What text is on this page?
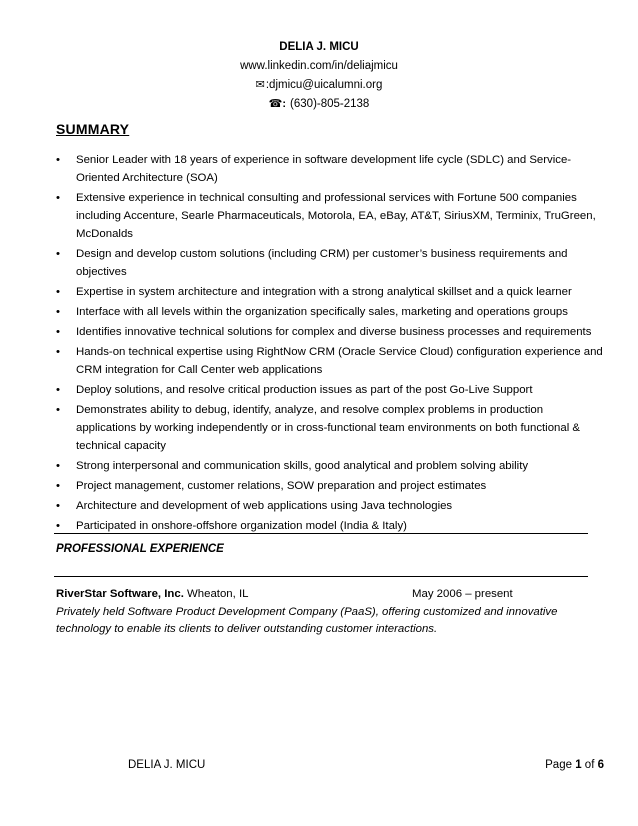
DELIA J. MICU
www.linkedin.com/in/deliajmicu
✉:djmicu@uicalumni.org
☎: (630)-805-2138
SUMMARY
• Senior Leader with 18 years of experience in software development life cycle (SDLC) and Service-Oriented Architecture (SOA)
• Extensive experience in technical consulting and professional services with Fortune 500 companies including Accenture, Searle Pharmaceuticals, Motorola, EA, eBay, AT&T, SiriusXM, Terminix, TruGreen, McDonalds
• Design and develop custom solutions (including CRM) per customer’s business requirements and objectives
• Expertise in system architecture and integration with a strong analytical skillset and a quick learner
• Interface with all levels within the organization specifically sales, marketing and operations groups
• Identifies innovative technical solutions for complex and diverse business processes and requirements
• Hands-on technical expertise using RightNow CRM (Oracle Service Cloud) configuration experience and CRM integration for Call Center web applications
• Deploy solutions, and resolve critical production issues as part of the post Go-Live Support
• Demonstrates ability to debug, identify, analyze, and resolve complex problems in production applications by working independently or in cross-functional team environments on both functional & technical capacity
• Strong interpersonal and communication skills, good analytical and problem solving ability
• Project management, customer relations, SOW preparation and project estimates
• Architecture and development of web applications using Java technologies
• Participated in onshore-offshore organization model (India & Italy)
PROFESSIONAL EXPERIENCE
RiverStar Software, Inc. Wheaton, IL	May 2006 – present
Privately held Software Product Development Company (PaaS), offering customized and innovative technology to enable its clients to deliver outstanding customer interactions.
DELIA J. MICU	Page 1 of 6
